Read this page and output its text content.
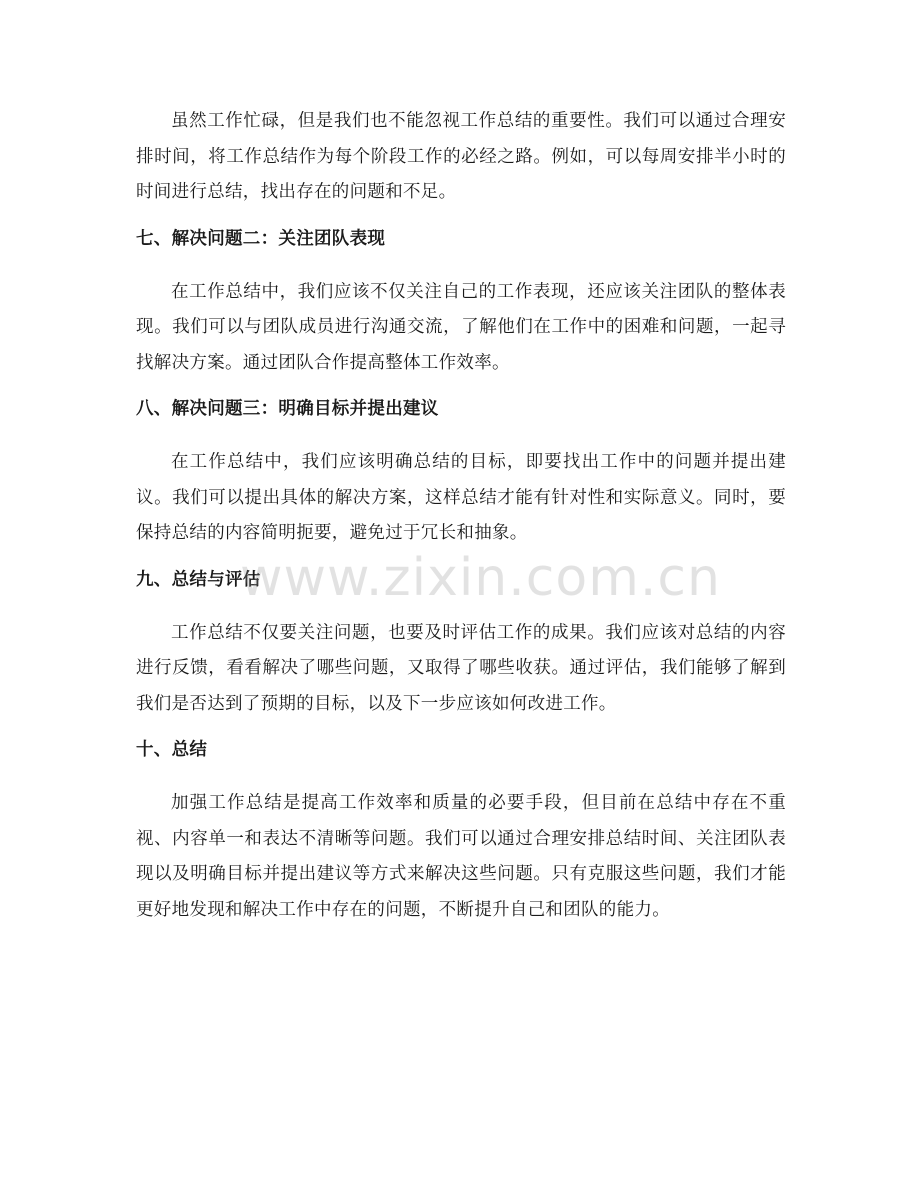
虽然工作忙碌，但是我们也不能忽视工作总结的重要性。我们可以通过合理安排时间，将工作总结作为每个阶段工作的必经之路。例如，可以每周安排半小时的时间进行总结，找出存在的问题和不足。

七、解决问题二：关注团队表现

在工作总结中，我们应该不仅关注自己的工作表现，还应该关注团队的整体表现。我们可以与团队成员进行沟通交流，了解他们在工作中的困难和问题，一起寻找解决方案。通过团队合作提高整体工作效率。

八、解决问题三：明确目标并提出建议

在工作总结中，我们应该明确总结的目标，即要找出工作中的问题并提出建议。我们可以提出具体的解决方案，这样总结才能有针对性和实际意义。同时，要保持总结的内容简明扼要，避免过于冗长和抽象。

九、总结与评估

工作总结不仅要关注问题，也要及时评估工作的成果。我们应该对总结的内容进行反馈，看看解决了哪些问题，又取得了哪些收获。通过评估，我们能够了解到我们是否达到了预期的目标，以及下一步应该如何改进工作。

十、总结

加强工作总结是提高工作效率和质量的必要手段，但目前在总结中存在不重视、内容单一和表达不清晰等问题。我们可以通过合理安排总结时间、关注团队表现以及明确目标并提出建议等方式来解决这些问题。只有克服这些问题，我们才能更好地发现和解决工作中存在的问题，不断提升自己和团队的能力。

www.zixin.com.cn
